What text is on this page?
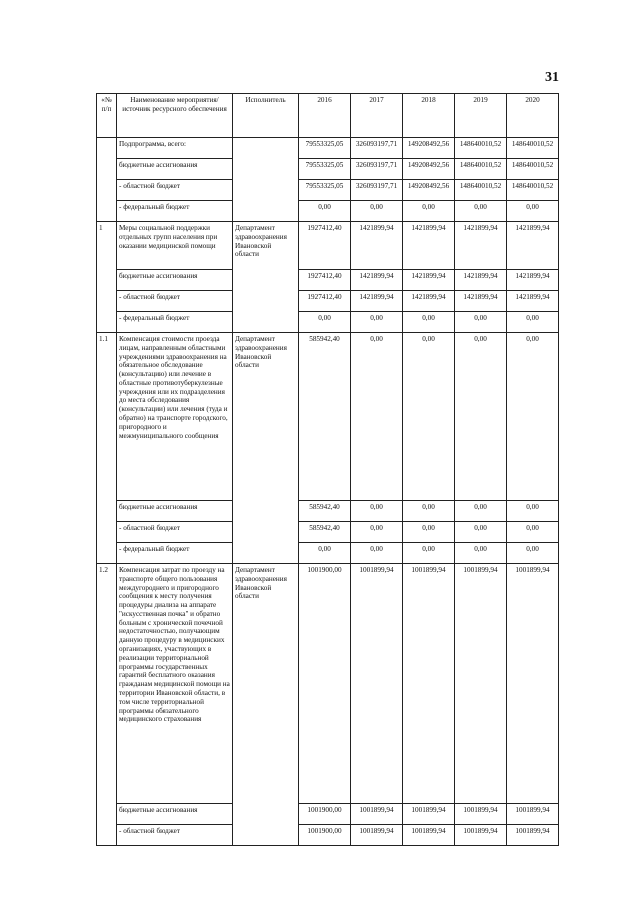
31
«№ п/п	Наименование мероприятия/источник ресурсного обеспечения	Исполнитель	2016	2017	2018	2019	2020
	Подпрограмма, всего:		79553325,05	326093197,71	149208492,56	148640010,52	148640010,52
	бюджетные ассигнования		79553325,05	326093197,71	149208492,56	148640010,52	148640010,52
	- областной бюджет		79553325,05	326093197,71	149208492,56	148640010,52	148640010,52
	- федеральный бюджет		0,00	0,00	0,00	0,00	0,00
1	Меры социальной поддержки отдельных групп населения при оказании медицинской помощи	Департамент здравоохранения Ивановской области	1927412,40	1421899,94	1421899,94	1421899,94	1421899,94
	бюджетные ассигнования		1927412,40	1421899,94	1421899,94	1421899,94	1421899,94
	- областной бюджет		1927412,40	1421899,94	1421899,94	1421899,94	1421899,94
	- федеральный бюджет		0,00	0,00	0,00	0,00	0,00
1.1	Компенсация стоимости проезда лицам, направленным областными учреждениями здравоохранения на обязательное обследование (консультацию) или лечение в областные противотуберкулезные учреждения или их подразделения до места обследования (консультации) или лечения (туда и обратно) на транспорте городского, пригородного и межмуниципального сообщения	Департамент здравоохранения Ивановской области	585942,40	0,00	0,00	0,00	0,00
	бюджетные ассигнования		585942,40	0,00	0,00	0,00	0,00
	- областной бюджет		585942,40	0,00	0,00	0,00	0,00
	- федеральный бюджет		0,00	0,00	0,00	0,00	0,00
1.2	Компенсация затрат по проезду на транспорте общего пользования междугороднего и пригородного сообщения к месту получения процедуры диализа на аппарате "искусственная почка" и обратно больным с хронической почечной недостаточностью, получающим данную процедуру в медицинских организациях, участвующих в реализации территориальной программы государственных гарантий бесплатного оказания гражданам медицинской помощи на территории Ивановской области, в том числе территориальной программы обязательного медицинского страхования	Департамент здравоохранения Ивановской области	1001900,00	1001899,94	1001899,94	1001899,94	1001899,94
	бюджетные ассигнования		1001900,00	1001899,94	1001899,94	1001899,94	1001899,94
	- областной бюджет		1001900,00	1001899,94	1001899,94	1001899,94	1001899,94
